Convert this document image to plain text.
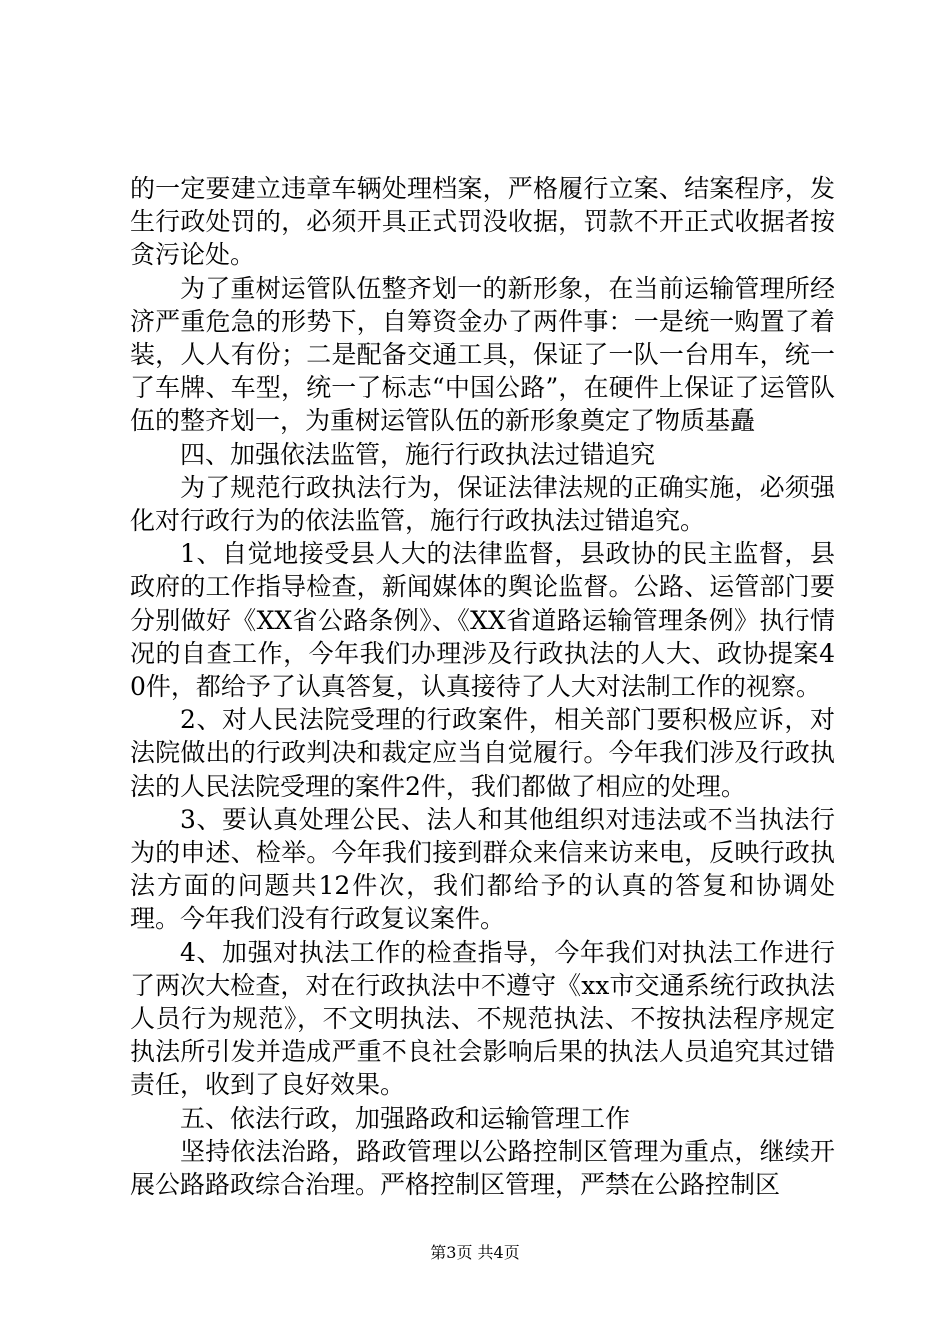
的一定要建立违章车辆处理档案，严格履行立案、结案程序，发生行政处罚的，必须开具正式罚没收据，罚款不开正式收据者按贪污论处。

为了重树运管队伍整齐划一的新形象，在当前运输管理所经济严重危急的形势下，自筹资金办了两件事：一是统一购置了着装，人人有份；二是配备交通工具，保证了一队一台用车，统一了车牌、车型，统一了标志“中国公路”，在硬件上保证了运管队伍的整齐划一，为重树运管队伍的新形象奠定了物质基矗

四、加强依法监管，施行行政执法过错追究

为了规范行政执法行为，保证法律法规的正确实施，必须强化对行政行为的依法监管，施行行政执法过错追究。

1、自觉地接受县人大的法律监督，县政协的民主监督，县政府的工作指导检查，新闻媒体的舆论监督。公路、运管部门要分别做好《XX省公路条例》、《XX省道路运输管理条例》执行情况的自查工作，今年我们办理涉及行政执法的人大、政协提案40件，都给予了认真答复，认真接待了人大对法制工作的视察。

2、对人民法院受理的行政案件，相关部门要积极应诉，对法院做出的行政判决和裁定应当自觉履行。今年我们涉及行政执法的人民法院受理的案件2件，我们都做了相应的处理。

3、要认真处理公民、法人和其他组织对违法或不当执法行为的申述、检举。今年我们接到群众来信来访来电，反映行政执法方面的问题共12件次，我们都给予的认真的答复和协调处理。今年我们没有行政复议案件。

4、加强对执法工作的检查指导，今年我们对执法工作进行了两次大检查，对在行政执法中不遵守《xx市交通系统行政执法人员行为规范》，不文明执法、不规范执法、不按执法程序规定执法所引发并造成严重不良社会影响后果的执法人员追究其过错责任，收到了良好效果。

五、依法行政，加强路政和运输管理工作

坚持依法治路，路政管理以公路控制区管理为重点，继续开展公路路政综合治理。严格控制区管理，严禁在公路控制区

第3页 共4页
